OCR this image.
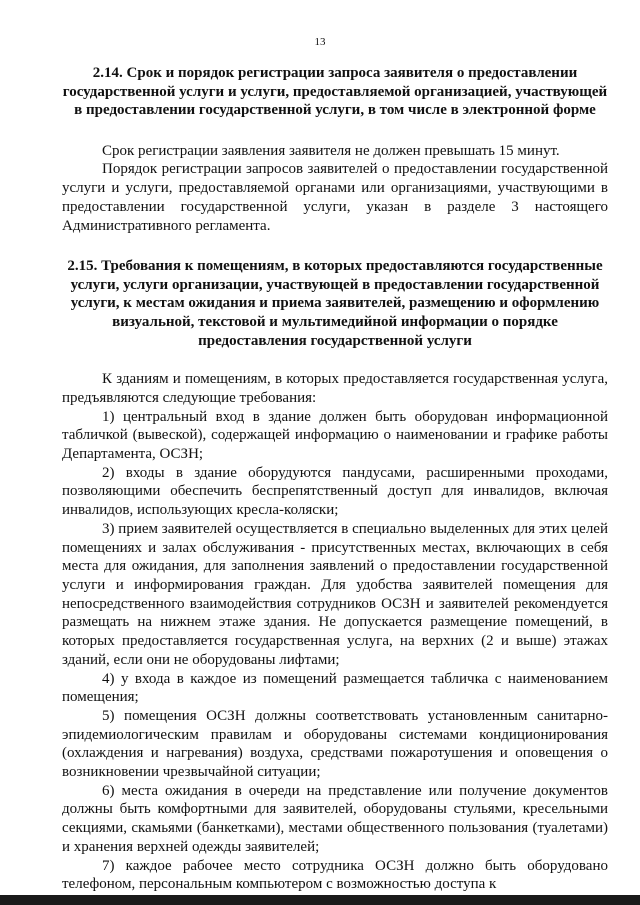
13

2.14. Срок и порядок регистрации запроса заявителя о предоставлении государственной услуги и услуги, предоставляемой организацией, участвующей в предоставлении государственной услуги, в том числе в электронной форме

Срок регистрации заявления заявителя не должен превышать 15 минут.

Порядок регистрации запросов заявителей о предоставлении государственной услуги и услуги, предоставляемой органами или организациями, участвующими в предоставлении государственной услуги, указан в разделе 3 настоящего Административного регламента.

2.15. Требования к помещениям, в которых предоставляются государственные услуги, услуги организации, участвующей в предоставлении государственной услуги, к местам ожидания и приема заявителей, размещению и оформлению визуальной, текстовой и мультимедийной информации о порядке предоставления государственной услуги

К зданиям и помещениям, в которых предоставляется государственная услуга, предъявляются следующие требования:

1) центральный вход в здание должен быть оборудован информационной табличкой (вывеской), содержащей информацию о наименовании и графике работы Департамента, ОСЗН;

2) входы в здание оборудуются пандусами, расширенными проходами, позволяющими обеспечить беспрепятственный доступ для инвалидов, включая инвалидов, использующих кресла-коляски;

3) прием заявителей осуществляется в специально выделенных для этих целей помещениях и залах обслуживания - присутственных местах, включающих в себя места для ожидания, для заполнения заявлений о предоставлении государственной услуги и информирования граждан. Для удобства заявителей помещения для непосредственного взаимодействия сотрудников ОСЗН и заявителей рекомендуется размещать на нижнем этаже здания. Не допускается размещение помещений, в которых предоставляется государственная услуга, на верхних (2 и выше) этажах зданий, если они не оборудованы лифтами;

4) у входа в каждое из помещений размещается табличка с наименованием помещения;

5) помещения ОСЗН должны соответствовать установленным санитарно-эпидемиологическим правилам и оборудованы системами кондиционирования (охлаждения и нагревания) воздуха, средствами пожаротушения и оповещения о возникновении чрезвычайной ситуации;

6) места ожидания в очереди на представление или получение документов должны быть комфортными для заявителей, оборудованы стульями, кресельными секциями, скамьями (банкетками), местами общественного пользования (туалетами) и хранения верхней одежды заявителей;

7) каждое рабочее место сотрудника ОСЗН должно быть оборудовано телефоном, персональным компьютером с возможностью доступа к
